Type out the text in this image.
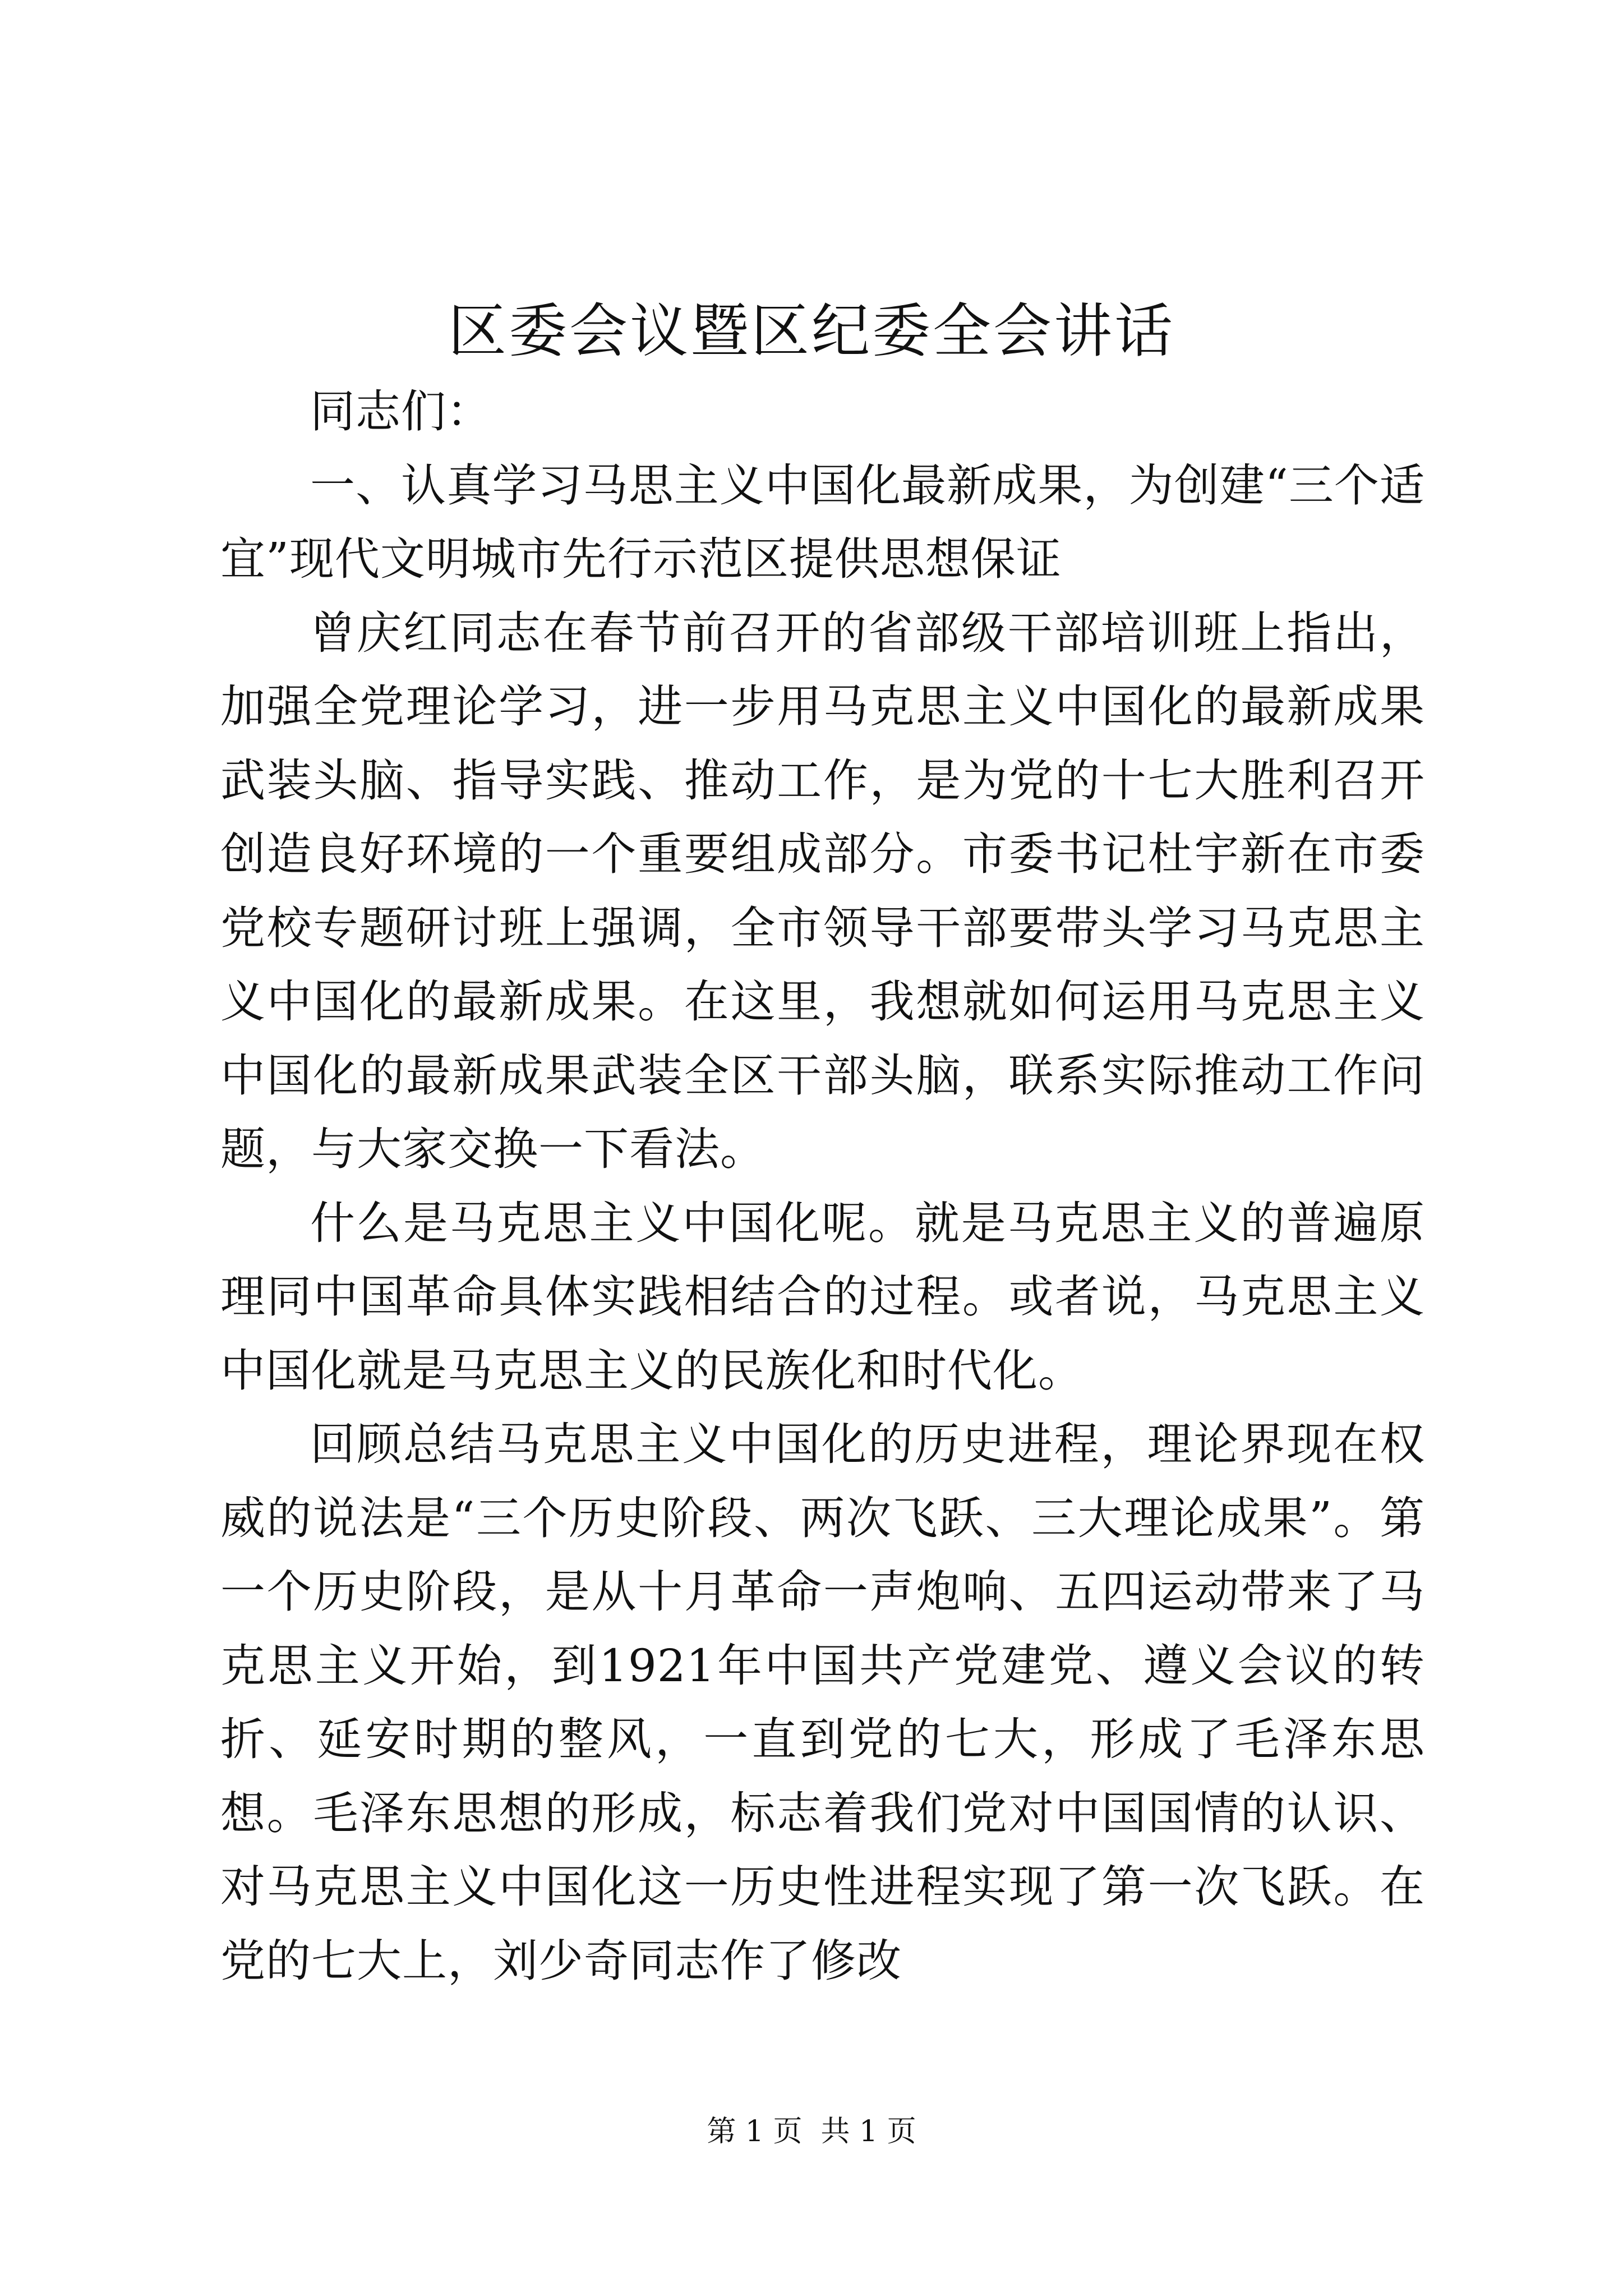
区委会议暨区纪委全会讲话

同志们：

一、认真学习马思主义中国化最新成果，为创建“三个适宜”现代文明城市先行示范区提供思想保证

曾庆红同志在春节前召开的省部级干部培训班上指出，加强全党理论学习，进一步用马克思主义中国化的最新成果武装头脑、指导实践、推动工作，是为党的十七大胜利召开创造良好环境的一个重要组成部分。市委书记杜宇新在市委党校专题研讨班上强调，全市领导干部要带头学习马克思主义中国化的最新成果。在这里，我想就如何运用马克思主义中国化的最新成果武装全区干部头脑，联系实际推动工作问题，与大家交换一下看法。

什么是马克思主义中国化呢。就是马克思主义的普遍原理同中国革命具体实践相结合的过程。或者说，马克思主义中国化就是马克思主义的民族化和时代化。

回顾总结马克思主义中国化的历史进程，理论界现在权威的说法是“三个历史阶段、两次飞跃、三大理论成果”。第一个历史阶段，是从十月革命一声炮响、五四运动带来了马克思主义开始，到1921年中国共产党建党、遵义会议的转折、延安时期的整风，一直到党的七大，形成了毛泽东思想。毛泽东思想的形成，标志着我们党对中国国情的认识、对马克思主义中国化这一历史性进程实现了第一次飞跃。在党的七大上，刘少奇同志作了修改

第 1 页  共 1 页
